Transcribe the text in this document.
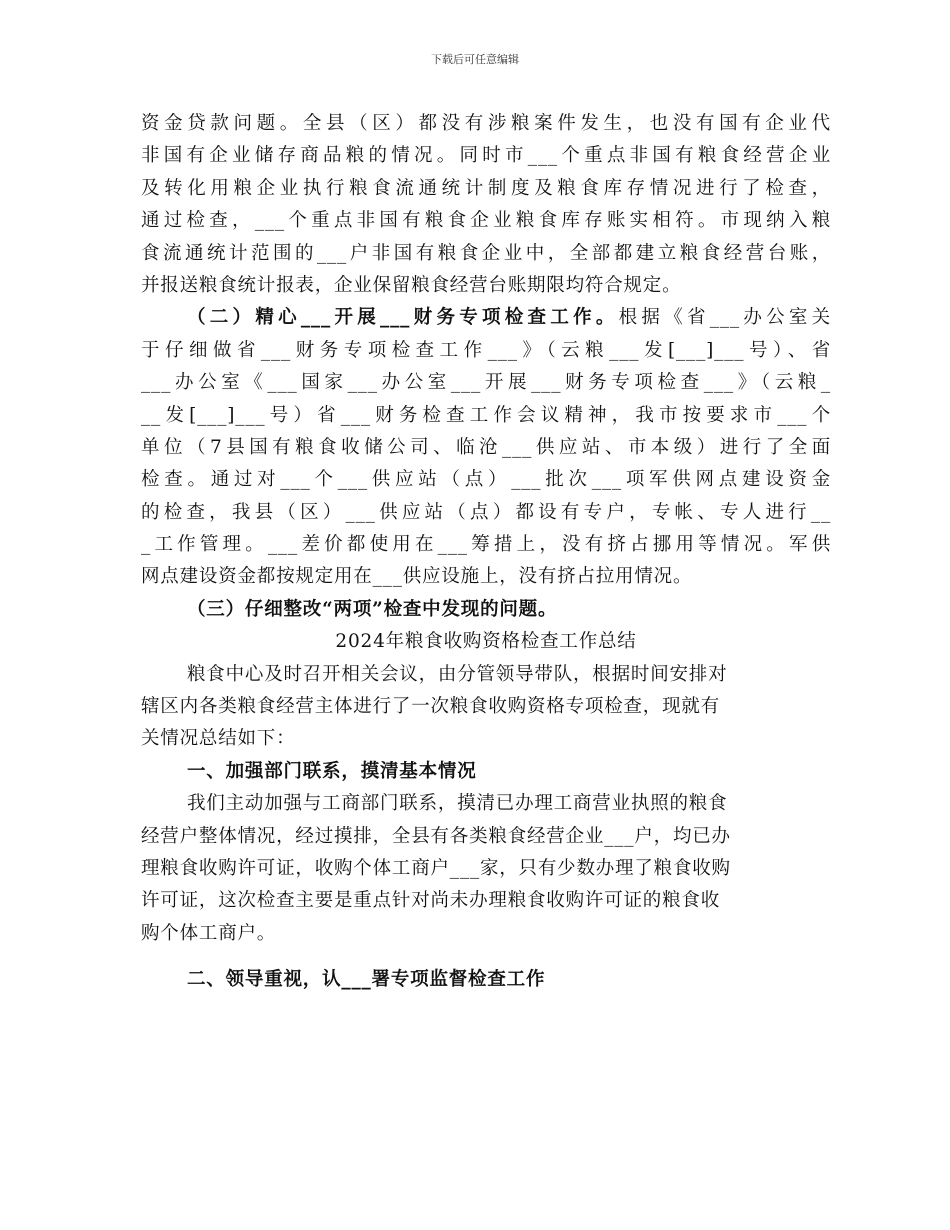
下载后可任意编辑
资金贷款问题。全县（区）都没有涉粮案件发生，也没有国有企业代
非国有企业储存商品粮的情况。同时市___个重点非国有粮食经营企业
及转化用粮企业执行粮食流通统计制度及粮食库存情况进行了检查，
通过检查，___个重点非国有粮食企业粮食库存账实相符。市现纳入粮
食流通统计范围的___户非国有粮食企业中，全部都建立粮食经营台账，
并报送粮食统计报表，企业保留粮食经营台账期限均符合规定。
（二）精心___开展___财务专项检查工作。根据《省___办公室关
于仔细做省___财务专项检查工作___》（云粮___发[___]___号）、省
___办公室《___国家___办公室___开展___财务专项检查___》（云粮_
__发[___]___号）省___财务检查工作会议精神，我市按要求市___个
单位（7县国有粮食收储公司、临沧___供应站、市本级）进行了全面
检查。通过对___个___供应站（点）___批次___项军供网点建设资金
的检查，我县（区）___供应站（点）都设有专户，专帐、专人进行__
_工作管理。___差价都使用在___筹措上，没有挤占挪用等情况。军供
网点建设资金都按规定用在___供应设施上，没有挤占拉用情况。
（三）仔细整改“两项”检查中发现的问题。
2024年粮食收购资格检查工作总结
粮食中心及时召开相关会议，由分管领导带队，根据时间安排对
辖区内各类粮食经营主体进行了一次粮食收购资格专项检查，现就有
关情况总结如下：
一、加强部门联系，摸清基本情况
我们主动加强与工商部门联系，摸清已办理工商营业执照的粮食
经营户整体情况，经过摸排，全县有各类粮食经营企业___户，均已办
理粮食收购许可证，收购个体工商户___家，只有少数办理了粮食收购
许可证，这次检查主要是重点针对尚未办理粮食收购许可证的粮食收
购个体工商户。
二、领导重视，认___署专项监督检查工作
